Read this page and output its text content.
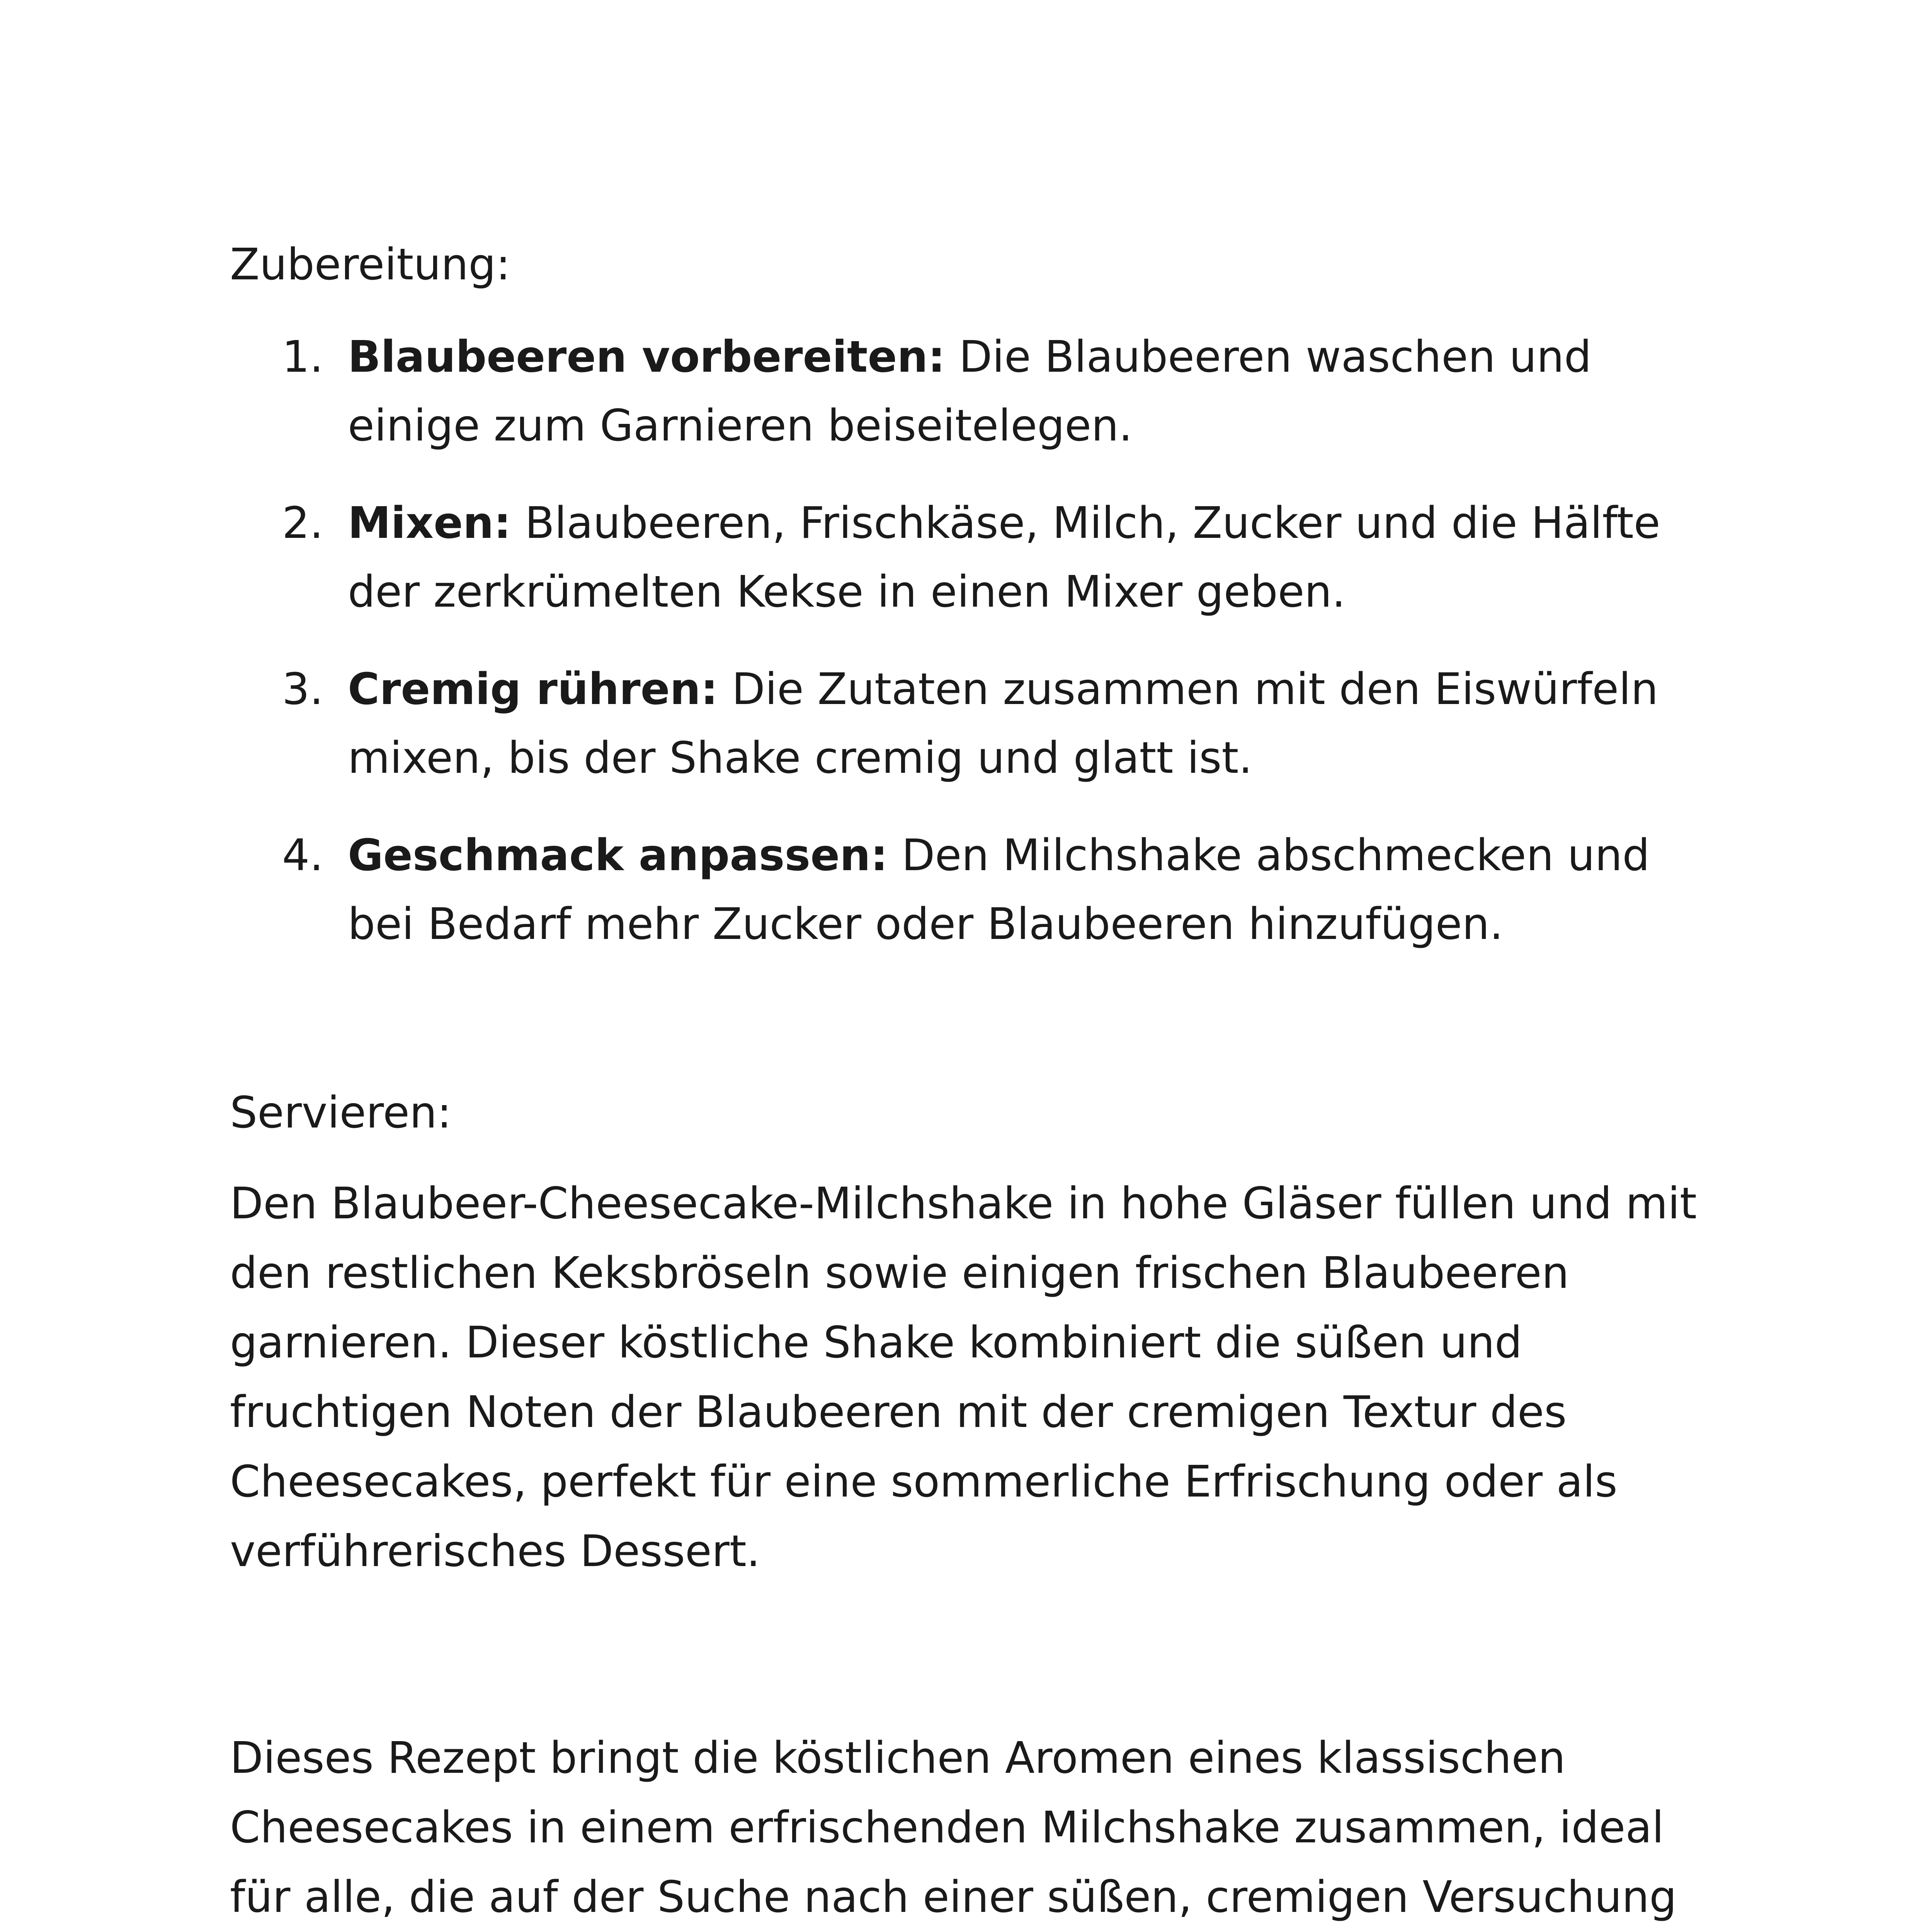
Zubereitung:
1. Blaubeeren vorbereiten: Die Blaubeeren waschen und einige zum Garnieren beiseitelegen.
2. Mixen: Blaubeeren, Frischkäse, Milch, Zucker und die Hälfte der zerkrümelten Kekse in einen Mixer geben.
3. Cremig rühren: Die Zutaten zusammen mit den Eiswürfeln mixen, bis der Shake cremig und glatt ist.
4. Geschmack anpassen: Den Milchshake abschmecken und bei Bedarf mehr Zucker oder Blaubeeren hinzufügen.
Servieren:

Den Blaubeer-Cheesecake-Milchshake in hohe Gläser füllen und mit den restlichen Keksbröseln sowie einigen frischen Blaubeeren garnieren. Dieser köstliche Shake kombiniert die süßen und fruchtigen Noten der Blaubeeren mit der cremigen Textur des Cheesecakes, perfekt für eine sommerliche Erfrischung oder als verführerisches Dessert.

Dieses Rezept bringt die köstlichen Aromen eines klassischen Cheesecakes in einem erfrischenden Milchshake zusammen, ideal für alle, die auf der Suche nach einer süßen, cremigen Versuchung
